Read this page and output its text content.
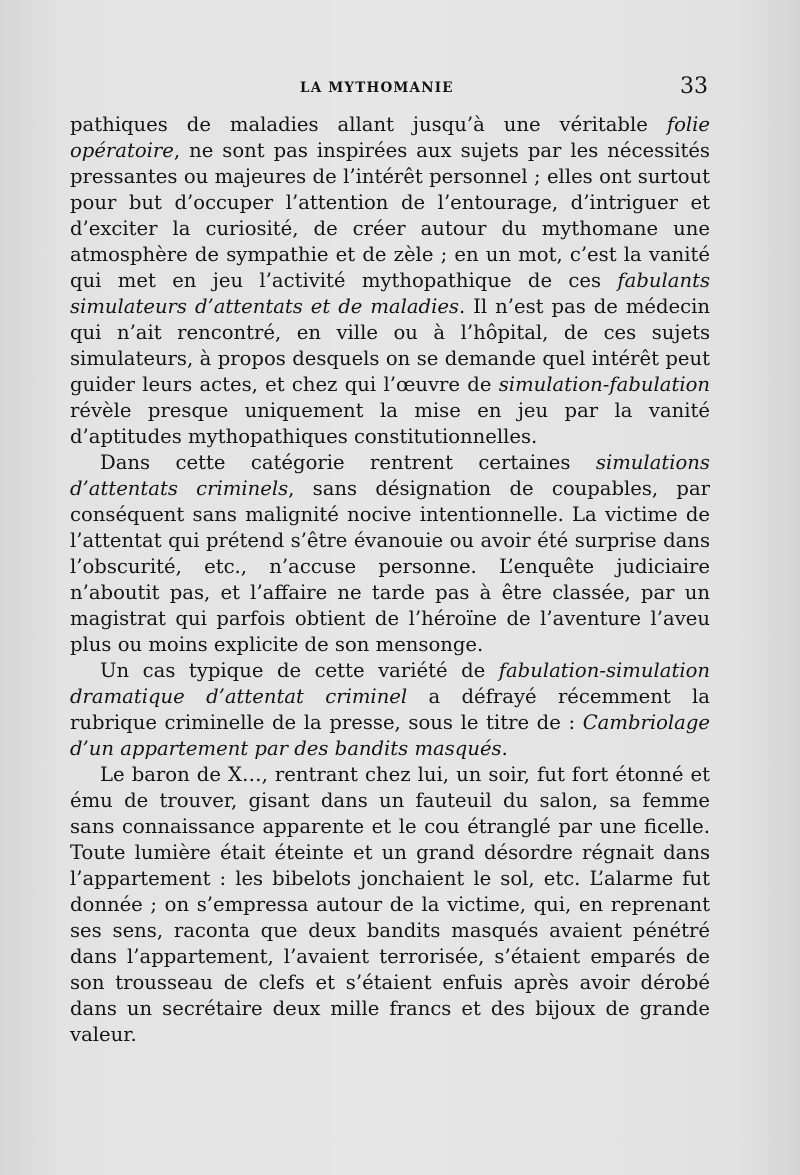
LA MYTHOMANIE	33

pathiques de maladies allant jusqu’à une véritable folie opératoire, ne sont pas inspirées aux sujets par les nécessités pressantes ou majeures de l’intérêt personnel ; elles ont surtout pour but d’occuper l’attention de l’entourage, d’intriguer et d’exciter la curiosité, de créer autour du mythomane une atmosphère de sympathie et de zèle ; en un mot, c’est la vanité qui met en jeu l’activité mythopathique de ces fabulants simulateurs d’attentats et de maladies. Il n’est pas de médecin qui n’ait rencontré, en ville ou à l’hôpital, de ces sujets simulateurs, à propos desquels on se demande quel intérêt peut guider leurs actes, et chez qui l’œuvre de simulation-fabulation révèle presque uniquement la mise en jeu par la vanité d’aptitudes mythopathiques constitutionnelles.

Dans cette catégorie rentrent certaines simulations d’attentats criminels, sans désignation de coupables, par conséquent sans malignité nocive intentionnelle. La victime de l’attentat qui prétend s’être évanouie ou avoir été surprise dans l’obscurité, etc., n’accuse personne. L’enquête judiciaire n’aboutit pas, et l’affaire ne tarde pas à être classée, par un magistrat qui parfois obtient de l’héroïne de l’aventure l’aveu plus ou moins explicite de son mensonge.

Un cas typique de cette variété de fabulation-simulation dramatique d’attentat criminel a défrayé récemment la rubrique criminelle de la presse, sous le titre de : Cambriolage d’un appartement par des bandits masqués.

Le baron de X…, rentrant chez lui, un soir, fut fort étonné et ému de trouver, gisant dans un fauteuil du salon, sa femme sans connaissance apparente et le cou étranglé par une ficelle. Toute lumière était éteinte et un grand désordre régnait dans l’appartement : les bibelots jonchaient le sol, etc. L’alarme fut donnée ; on s’empressa autour de la victime, qui, en reprenant ses sens, raconta que deux bandits masqués avaient pénétré dans l’appartement, l’avaient terrorisée, s’étaient emparés de son trousseau de clefs et s’étaient enfuis après avoir dérobé dans un secrétaire deux mille francs et des bijoux de grande valeur.
